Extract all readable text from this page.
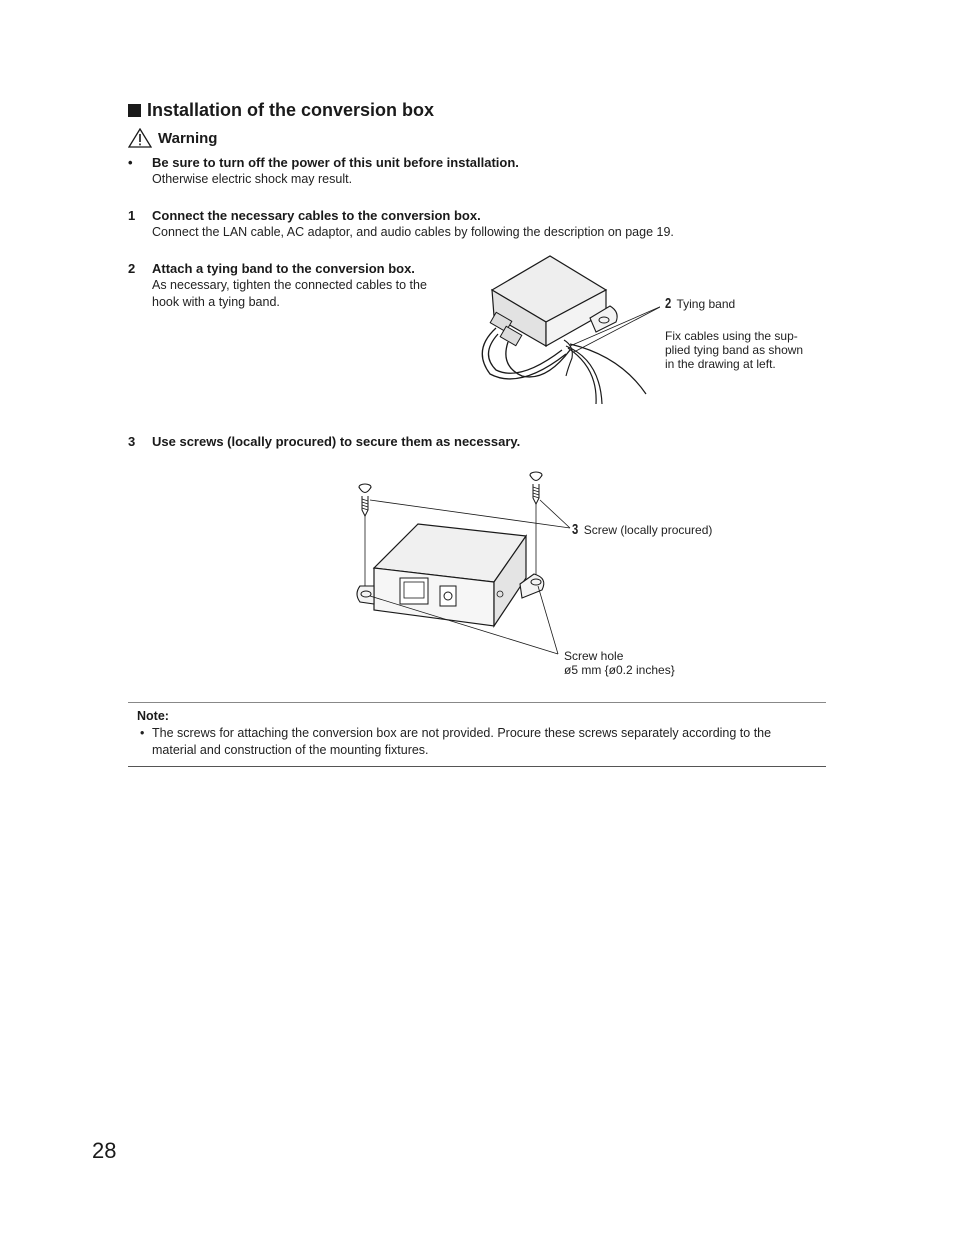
Installation of the conversion box
Warning
• Be sure to turn off the power of this unit before installation.
Otherwise electric shock may result.
1 Connect the necessary cables to the conversion box.
Connect the LAN cable, AC adaptor, and audio cables by following the description on page 19.
2 Attach a tying band to the conversion box.
As necessary, tighten the connected cables to the
hook with a tying band.	2 Tying band
Fix cables using the sup-
plied tying band as shown
in the drawing at left.
3 Use screws (locally procured) to secure them as necessary.
3 Screw (locally procured)
Screw hole
ø5 mm {ø0.2 inches}
Note:
• The screws for attaching the conversion box are not provided. Procure these screws separately according to the
material and construction of the mounting fixtures.
28
